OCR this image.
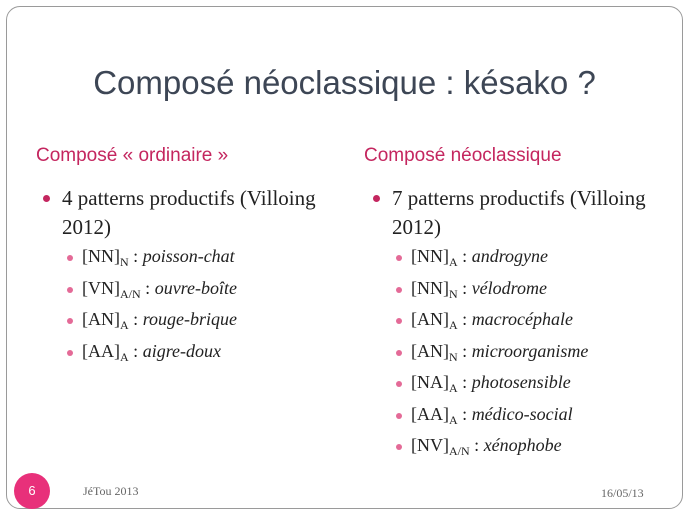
Composé néoclassique : késako ?
Composé « ordinaire »	Composé néoclassique
4 patterns productifs (Villoing 2012)
7 patterns productifs (Villoing 2012)
$[NN]_N$ : poisson-chat
$[VN]_{A/N}$ : ouvre-boîte
$[AN]_A$ : rouge-brique
$[AA]_A$ : aigre-doux
$[NN]_A$ : androgyne
$[NN]_N$ : vélodrome
$[AN]_A$ : macrocéphale
$[AN]_N$ : microorganisme
$[NA]_A$ : photosensible
$[AA]_A$ : médico-social
$[NV]_{A/N}$ : xénophobe
6	JéTou 2013	16/05/13
